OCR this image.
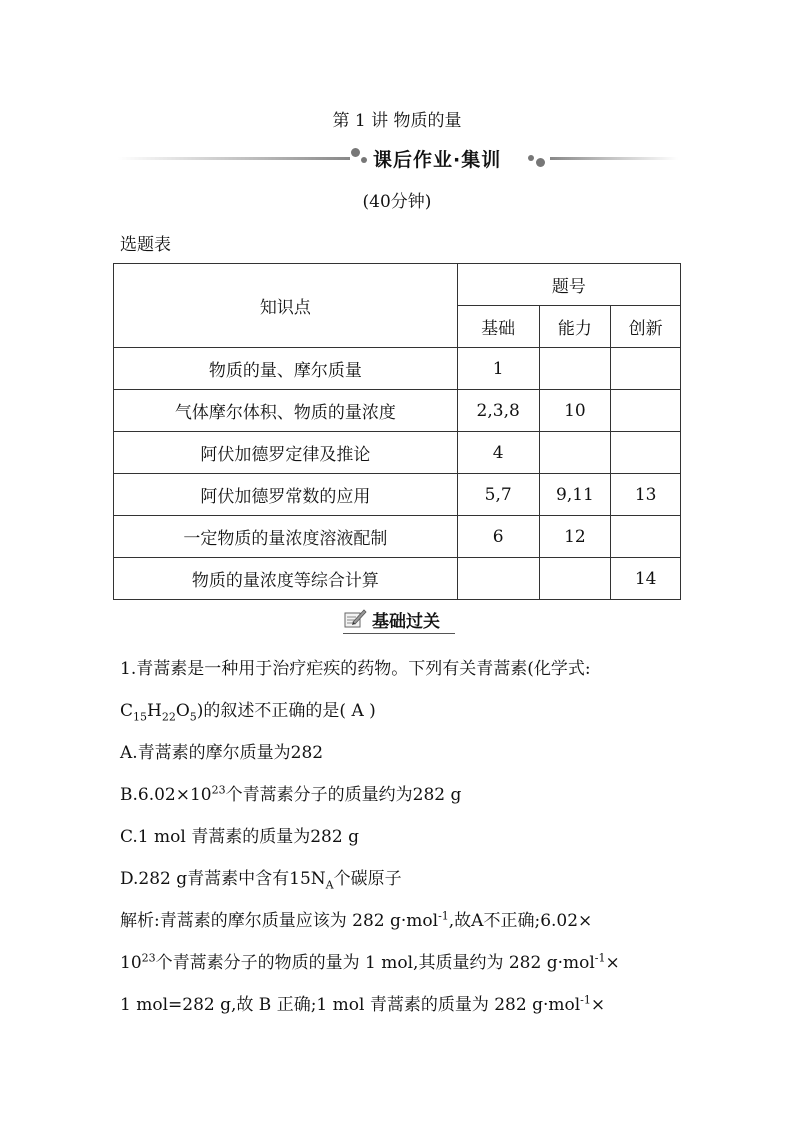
第 1 讲 物质的量
课后作业·集训
(40分钟)
选题表
知识点	题号		
	基础	能力	创新
物质的量、摩尔质量	1		
气体摩尔体积、物质的量浓度	2,3,8	10	
阿伏加德罗定律及推论	4		
阿伏加德罗常数的应用	5,7	9,11	13
一定物质的量浓度溶液配制	6	12	
物质的量浓度等综合计算			14
基础过关
1.青蒿素是一种用于治疗疟疾的药物。下列有关青蒿素(化学式:
$C_{15}H_{22}O_5$)的叙述不正确的是( A )
A.青蒿素的摩尔质量为282
$B.6.02\times 10^{23}$个青蒿素分子的质量约为282 g
C.1 mol 青蒿素的质量为282 g
D.282 g青蒿素中含有$15N_A$个碳原子
解析:青蒿素的摩尔质量应该为 282 g·mol$^{-1}$,故A不正确;6.02×
$10^{23}$个青蒿素分子的物质的量为 1 mol,其质量约为 282 g·mol$^{-1}$×
1 mol=282 g,故 B 正确;1 mol 青蒿素的质量为 282 g·mol$^{-1}$×
